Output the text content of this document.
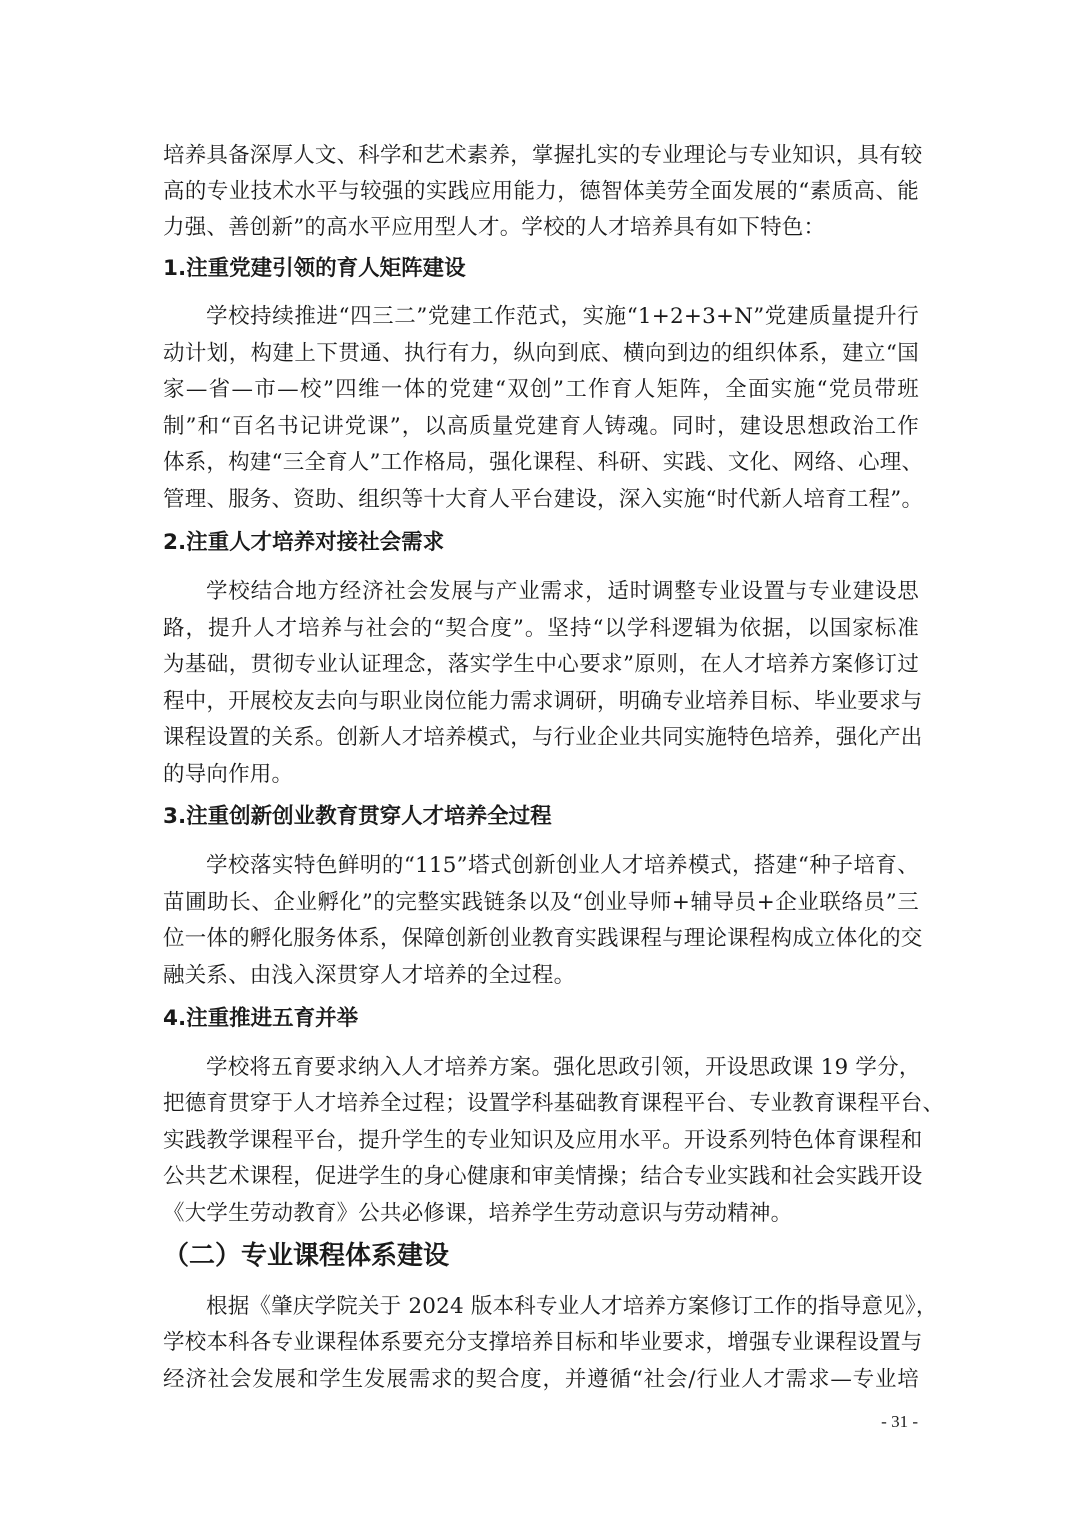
培养具备深厚人文、科学和艺术素养，掌握扎实的专业理论与专业知识，具有较
高的专业技术水平与较强的实践应用能力，德智体美劳全面发展的“素质高、能
力强、善创新”的高水平应用型人才。学校的人才培养具有如下特色：
1.注重党建引领的育人矩阵建设
学校持续推进“四三二”党建工作范式，实施“1+2+3+N”党建质量提升行
动计划，构建上下贯通、执行有力，纵向到底、横向到边的组织体系，建立“国
家—省—市—校”四维一体的党建“双创”工作育人矩阵，全面实施“党员带班
制”和“百名书记讲党课”，以高质量党建育人铸魂。同时，建设思想政治工作
体系，构建“三全育人”工作格局，强化课程、科研、实践、文化、网络、心理、
管理、服务、资助、组织等十大育人平台建设，深入实施“时代新人培育工程”。
2.注重人才培养对接社会需求
学校结合地方经济社会发展与产业需求，适时调整专业设置与专业建设思
路，提升人才培养与社会的“契合度”。坚持“以学科逻辑为依据，以国家标准
为基础，贯彻专业认证理念，落实学生中心要求”原则，在人才培养方案修订过
程中，开展校友去向与职业岗位能力需求调研，明确专业培养目标、毕业要求与
课程设置的关系。创新人才培养模式，与行业企业共同实施特色培养，强化产出
的导向作用。
3.注重创新创业教育贯穿人才培养全过程
学校落实特色鲜明的“115”塔式创新创业人才培养模式，搭建“种子培育、
苗圃助长、企业孵化”的完整实践链条以及“创业导师+辅导员+企业联络员”三
位一体的孵化服务体系，保障创新创业教育实践课程与理论课程构成立体化的交
融关系、由浅入深贯穿人才培养的全过程。
4.注重推进五育并举
学校将五育要求纳入人才培养方案。强化思政引领，开设思政课 19 学分，
把德育贯穿于人才培养全过程；设置学科基础教育课程平台、专业教育课程平台、
实践教学课程平台，提升学生的专业知识及应用水平。开设系列特色体育课程和
公共艺术课程，促进学生的身心健康和审美情操；结合专业实践和社会实践开设
《大学生劳动教育》公共必修课，培养学生劳动意识与劳动精神。
（二）专业课程体系建设
根据《肇庆学院关于 2024 版本科专业人才培养方案修订工作的指导意见》，
学校本科各专业课程体系要充分支撑培养目标和毕业要求，增强专业课程设置与
经济社会发展和学生发展需求的契合度，并遵循“社会/行业人才需求—专业培
- 31 -
